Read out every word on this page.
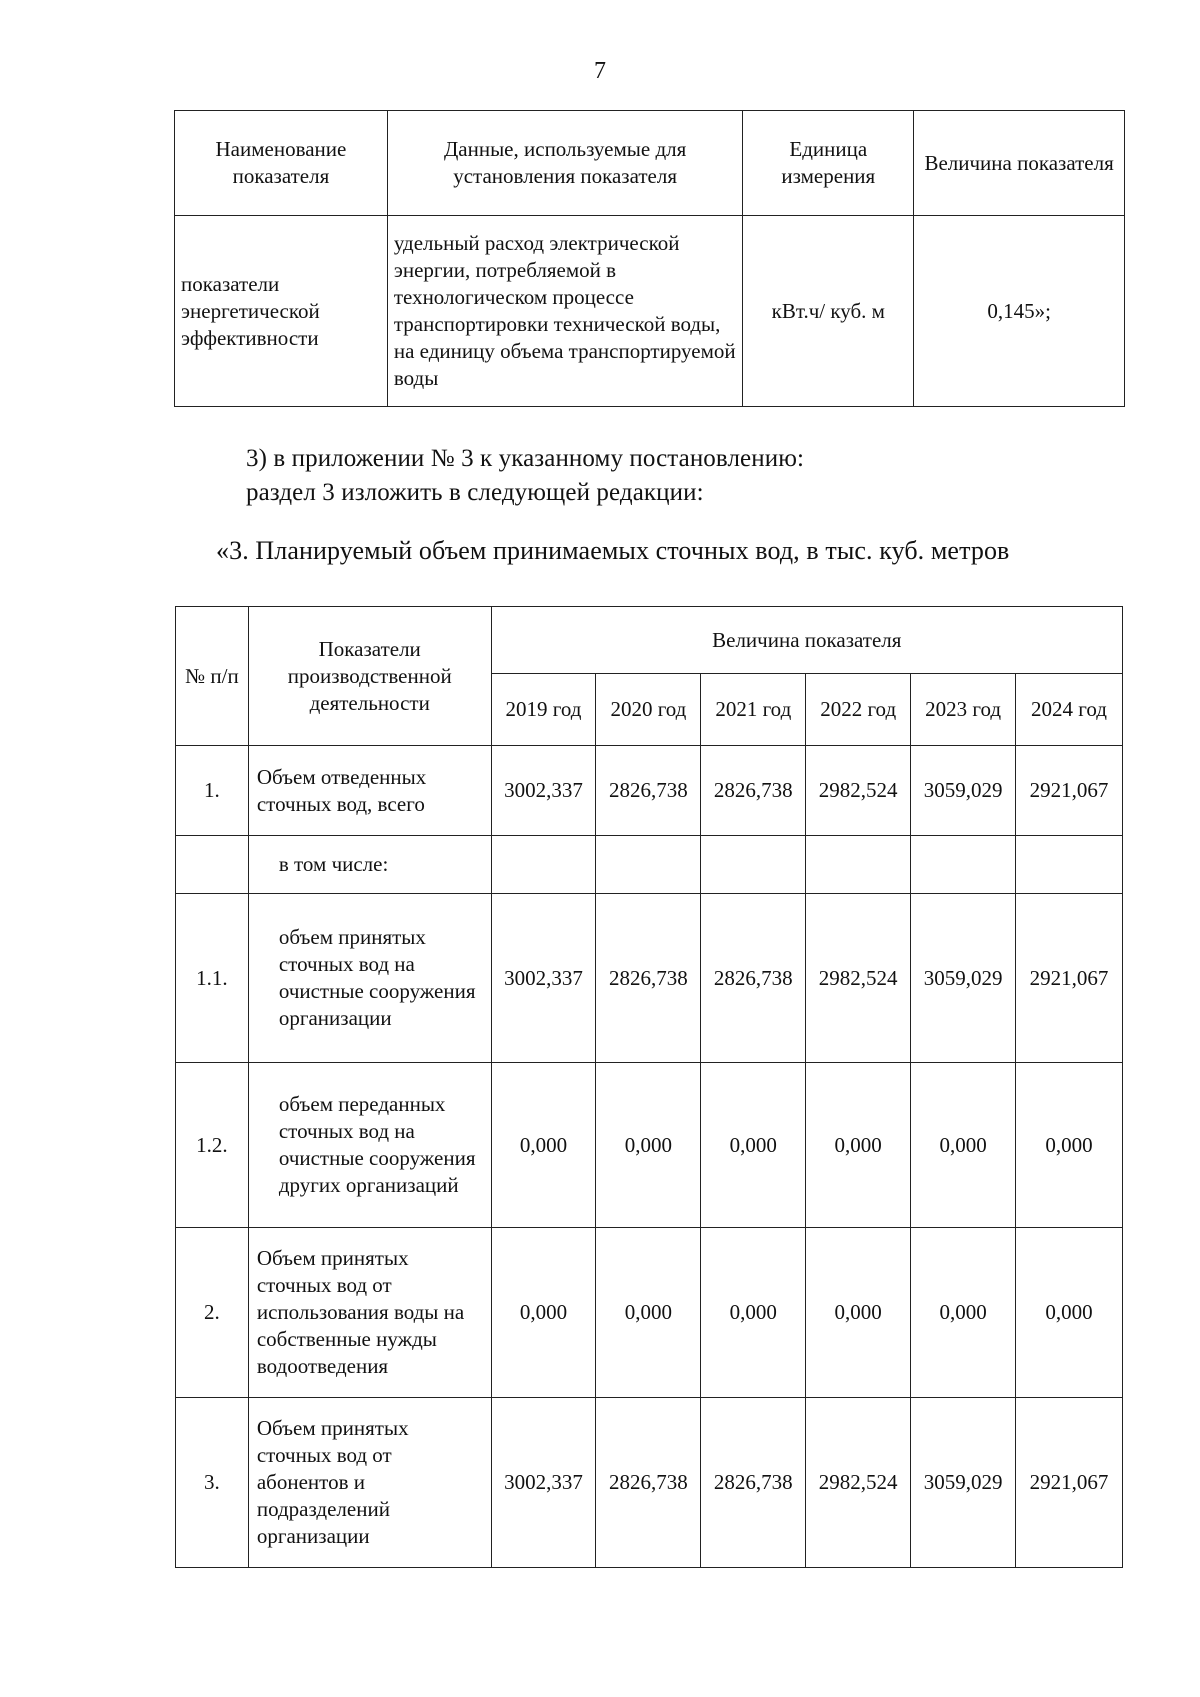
7
Наименование показателя	Данные, используемые для установления показателя	Единица измерения	Величина показателя
показатели энергетической эффективности	удельный расход электрической энергии, потребляемой в технологическом процессе транспортировки технической воды, на единицу объема транспортируемой воды	кВт.ч/ куб. м	0,145»;
3) в приложении № 3 к указанному постановлению:
раздел 3 изложить в следующей редакции:
«3. Планируемый объем принимаемых сточных вод, в тыс. куб. метров
№ п/п	Показатели производственной деятельности	Величина показателя					
		2019 год	2020 год	2021 год	2022 год	2023 год	2024 год
1.	Объем отведенных сточных вод, всего	3002,337	2826,738	2826,738	2982,524	3059,029	2921,067
	в том числе:						
1.1.	объем принятых сточных вод на очистные сооружения организации	3002,337	2826,738	2826,738	2982,524	3059,029	2921,067
1.2.	объем переданных сточных вод на очистные сооружения других организаций	0,000	0,000	0,000	0,000	0,000	0,000
2.	Объем принятых сточных вод от использования воды на собственные нужды водоотведения	0,000	0,000	0,000	0,000	0,000	0,000
3.	Объем принятых сточных вод от абонентов и подразделений организации	3002,337	2826,738	2826,738	2982,524	3059,029	2921,067
